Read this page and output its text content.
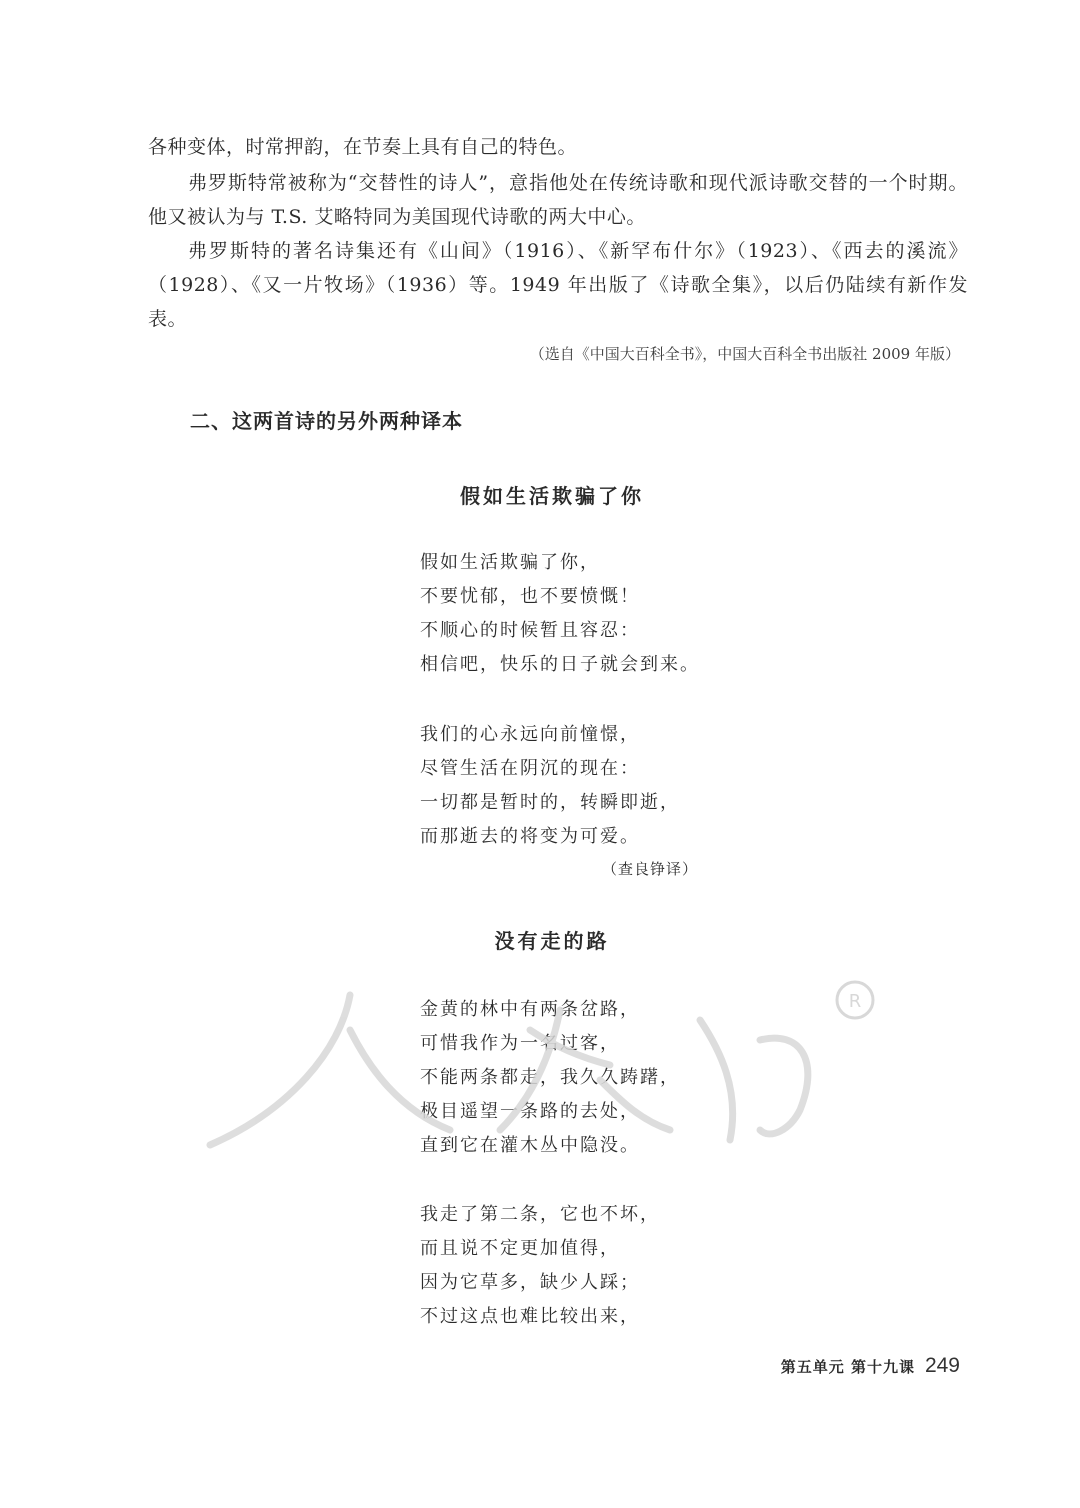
各种变体，时常押韵，在节奏上具有自己的特色。

弗罗斯特常被称为“交替性的诗人”，意指他处在传统诗歌和现代派诗歌交替的一个时期。他又被认为与 T.S. 艾略特同为美国现代诗歌的两大中心。

弗罗斯特的著名诗集还有《山间》（1916）、《新罕布什尔》（1923）、《西去的溪流》（1928）、《又一片牧场》（1936）等。1949 年出版了《诗歌全集》，以后仍陆续有新作发表。

（选自《中国大百科全书》，中国大百科全书出版社 2009 年版）

二、这两首诗的另外两种译本
假如生活欺骗了你
假如生活欺骗了你，
不要忧郁，也不要愤慨！
不顺心的时候暂且容忍：
相信吧，快乐的日子就会到来。
我们的心永远向前憧憬，
尽管生活在阴沉的现在：
一切都是暂时的，转瞬即逝，
而那逝去的将变为可爱。

（查良铮译）

没有走的路
金黄的林中有两条岔路，
可惜我作为一名过客，
不能两条都走，我久久踌躇，
极目遥望一条路的去处，
直到它在灌木丛中隐没。
我走了第二条，它也不坏，
而且说不定更加值得，
因为它草多，缺少人踩；
不过这点也难比较出来，
R
第五单元 第十九课 249
